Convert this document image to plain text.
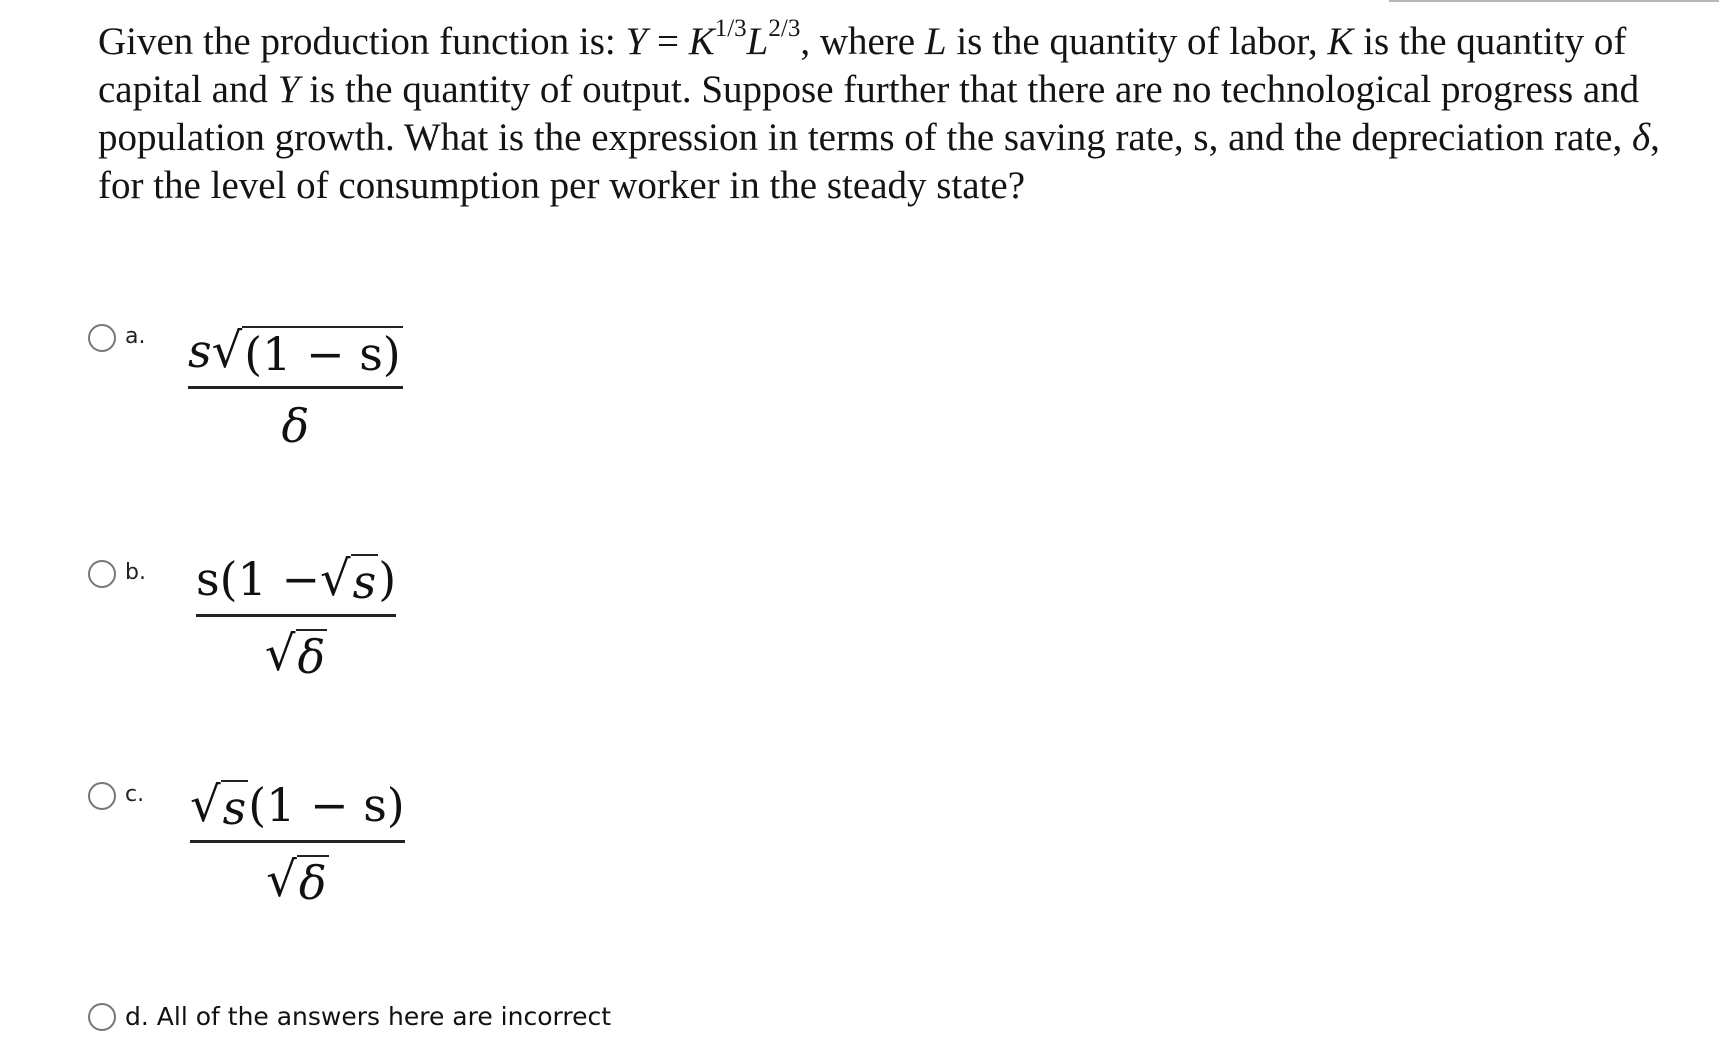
Given the production function is: $Y = K^{1/3}L^{2/3}$, where L is the quantity of labor, K is the quantity of capital and Y is the quantity of output. Suppose further that there are no technological progress and population growth. What is the expression in terms of the saving rate, s, and the depreciation rate, δ, for the level of consumption per worker in the steady state?
a. s √ (1 − s)
δ
b. s(1 − √ s )
√ δ
c. √ s (1 − s)
√ δ
d. All of the answers here are incorrect
